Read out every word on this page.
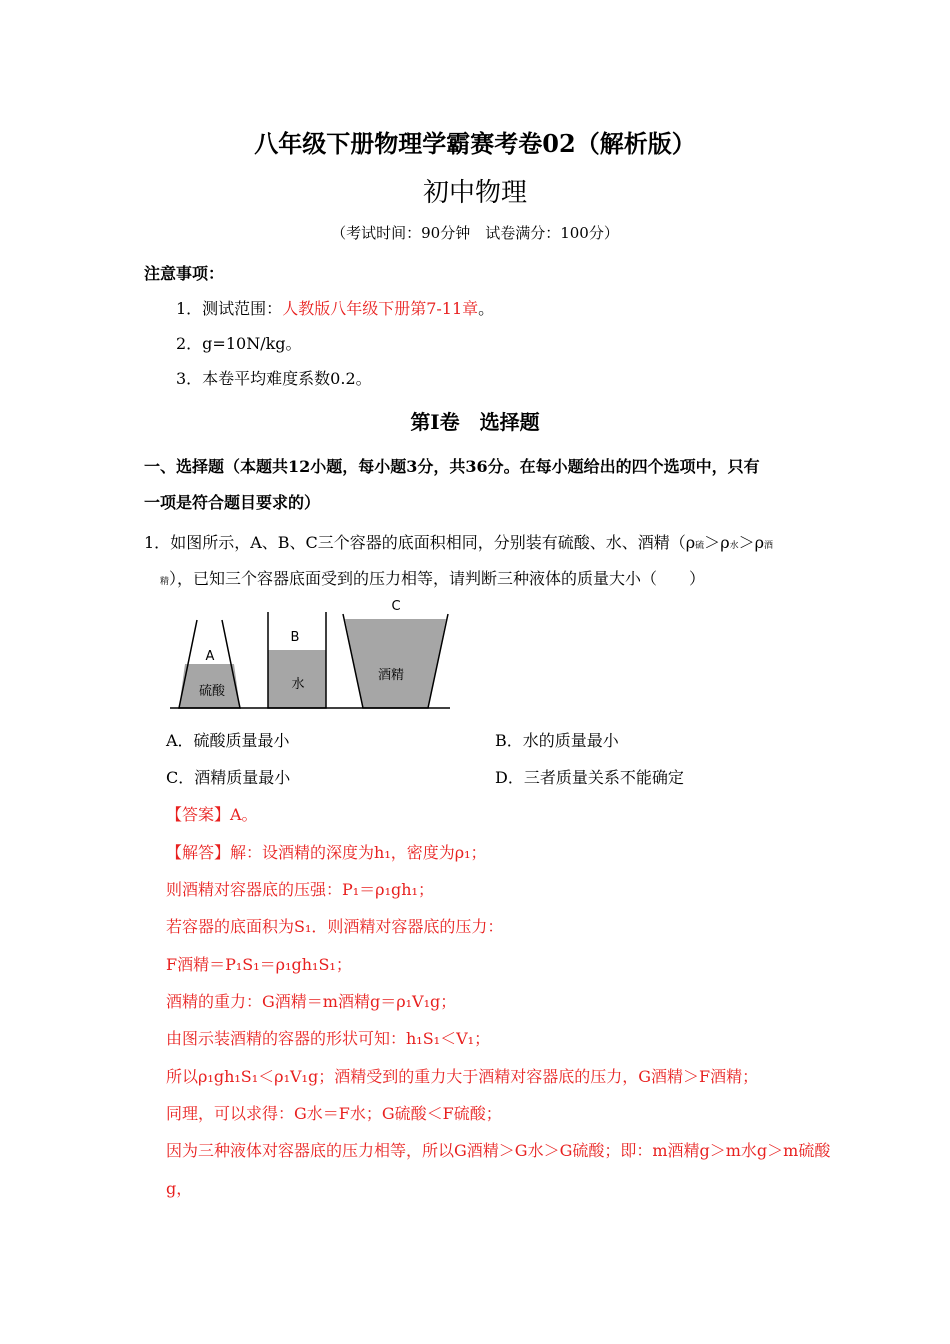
八年级下册物理学霸赛考卷02（解析版）
初中物理
（考试时间：90分钟　试卷满分：100分）
注意事项：
1．测试范围：人教版八年级下册第7-11章。
2．g=10N/kg。
3．本卷平均难度系数0.2。
第Ⅰ卷　选择题
一、选择题（本题共12小题，每小题3分，共36分。在每小题给出的四个选项中，只有
一项是符合题目要求的）
1．如图所示，A、B、C三个容器的底面积相同，分别装有硫酸、水、酒精（ρ硫＞ρ水＞ρ酒
精），已知三个容器底面受到的压力相等，请判断三种液体的质量大小（　　）
A
硫酸
B
水
C
酒精
A．硫酸质量最小	B．水的质量最小
C．酒精质量最小	D．三者质量关系不能确定
【答案】A。
【解答】解：设酒精的深度为h₁，密度为ρ₁；
则酒精对容器底的压强：P₁＝ρ₁gh₁；
若容器的底面积为S₁．则酒精对容器底的压力：
F酒精＝P₁S₁＝ρ₁gh₁S₁；
酒精的重力：G酒精＝m酒精g＝ρ₁V₁g；
由图示装酒精的容器的形状可知：h₁S₁＜V₁；
所以ρ₁gh₁S₁＜ρ₁V₁g；酒精受到的重力大于酒精对容器底的压力，G酒精＞F酒精；
同理，可以求得：G水＝F水；G硫酸＜F硫酸；
因为三种液体对容器底的压力相等，所以G酒精＞G水＞G硫酸；即：m酒精g＞m水g＞m硫酸
g，
